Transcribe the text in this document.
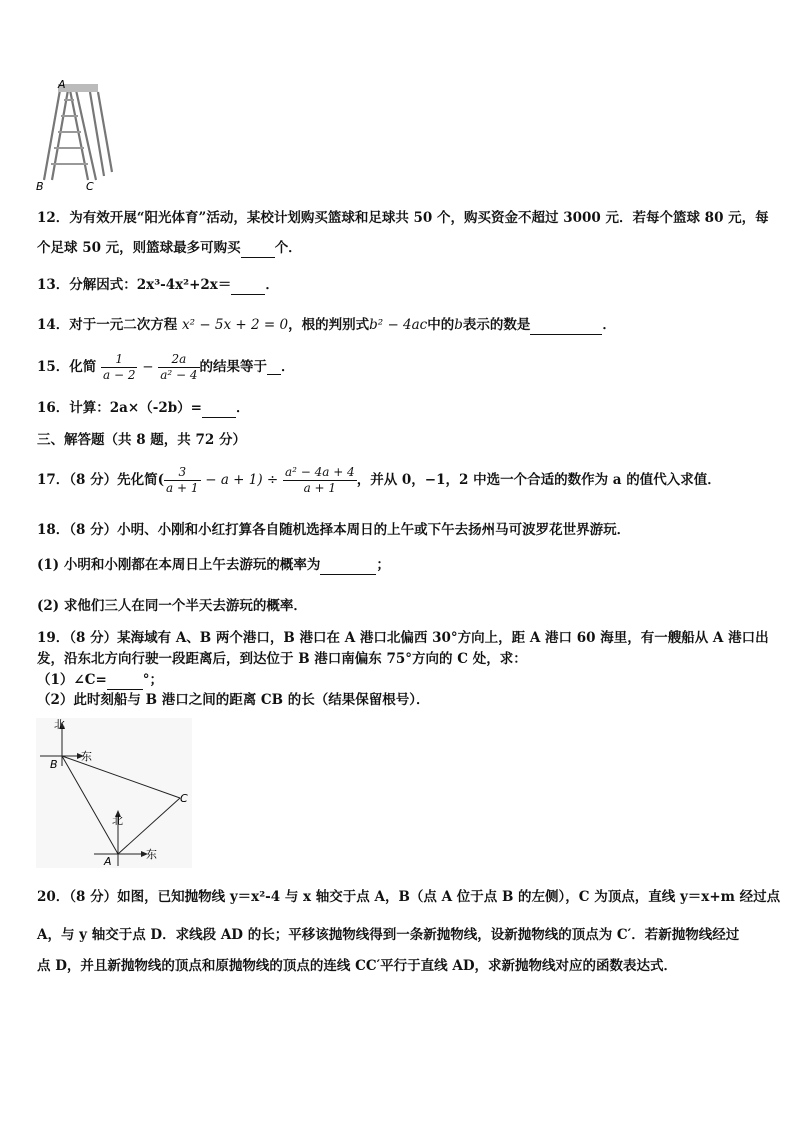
A
B	C
12．为有效开展“阳光体育”活动，某校计划购买篮球和足球共 50 个，购买资金不超过 3000 元．若每个篮球 80 元，每
个足球 50 元，则篮球最多可购买	个．
13．分解因式：2x³-4x²+2x＝	．
14．对于一元二次方程 x² − 5x + 2 = 0，根的判别式b² − 4ac中的b表示的数是	．
15．化简 $\frac{1}{a - 2} - \frac{2a}{\text{a² − 4}}$ 的结果等于 ．
16．计算：2a×（-2b）=	．
三、解答题（共 8 题，共 72 分）
17．（8 分）先化简( $\frac{3}{a + 1} - a + 1) \div \frac{\text{a² − 4a + 4}}{a + 1}$ ，并从 0，−1，2 中选一个合适的数作为 a 的值代入求值．
18．（8 分）小明、小刚和小红打算各自随机选择本周日的上午或下午去扬州马可波罗花世界游玩．
(1) 小明和小刚都在本周日上午去游玩的概率为	；
(2) 求他们三人在同一个半天去游玩的概率．
19．（8 分）某海域有 A、B 两个港口，B 港口在 A 港口北偏西 30°方向上，距 A 港口 60 海里，有一艘船从 A 港口出
发，沿东北方向行驶一段距离后，到达位于 B 港口南偏东 75°方向的 C 处，求：
（1）∠C=	°；
（2）此时刻船与 B 港口之间的距离 CB 的长（结果保留根号）．
北
东
北
东
B
A
C
20．（8 分）如图，已知抛物线 y＝x²-4 与 x 轴交于点 A，B（点 A 位于点 B 的左侧），C 为顶点，直线 y＝x+m 经过点
A，与 y 轴交于点 D．求线段 AD 的长；平移该抛物线得到一条新抛物线，设新抛物线的顶点为 C′．若新抛物线经过
点 D，并且新抛物线的顶点和原抛物线的顶点的连线 CC′平行于直线 AD，求新抛物线对应的函数表达式．
